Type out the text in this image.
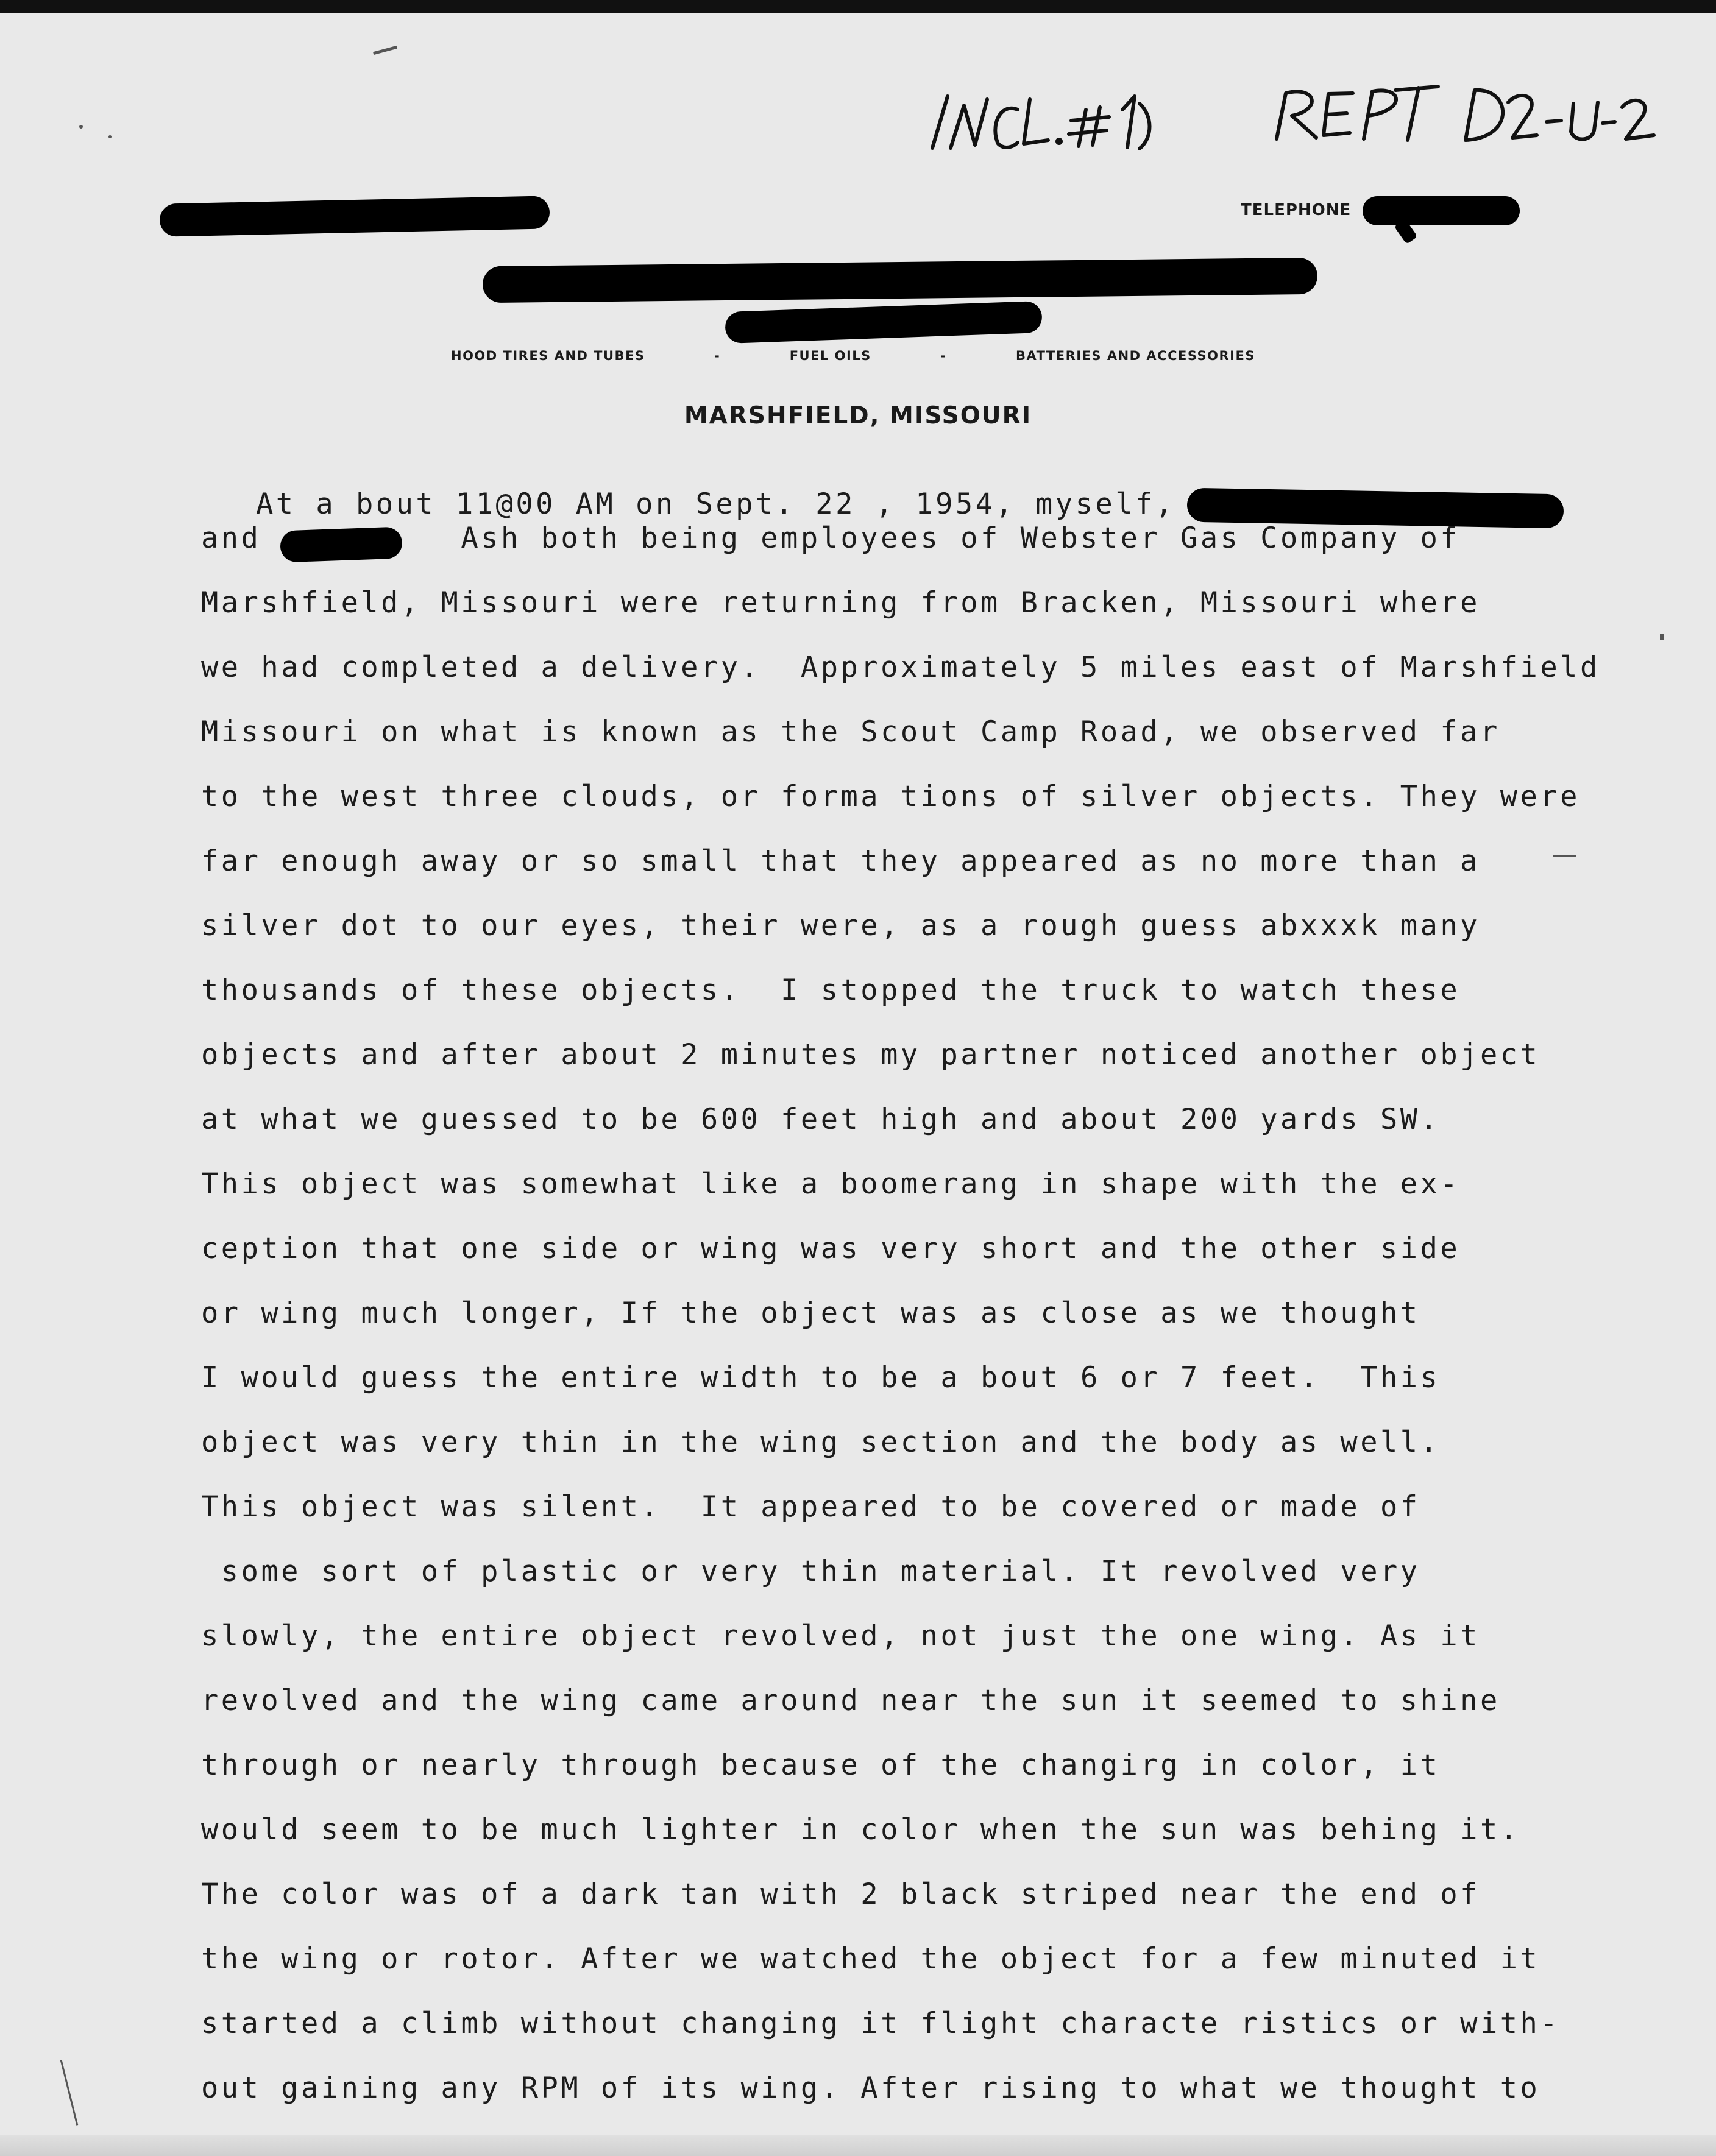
TELEPHONE
HOOD TIRES AND TUBES	-	FUEL OILS	-	BATTERIES AND ACCESSORIES
MARSHFIELD, MISSOURI
At a bout 11@00 AM on Sept. 22 , 1954, myself,
and          Ash both being employees of Webster Gas Company of
Marshfield, Missouri were returning from Bracken, Missouri where
we had completed a delivery.  Approximately 5 miles east of Marshfield
Missouri on what is known as the Scout Camp Road, we observed far
to the west three clouds, or forma tions of silver objects. They were
far enough away or so small that they appeared as no more than a
silver dot to our eyes, their were, as a rough guess abxxxk many
thousands of these objects.  I stopped the truck to watch these
objects and after about 2 minutes my partner noticed another object
at what we guessed to be 600 feet high and about 200 yards SW.
This object was somewhat like a boomerang in shape with the ex-
ception that one side or wing was very short and the other side
or wing much longer, If the object was as close as we thought
I would guess the entire width to be a bout 6 or 7 feet.  This
object was very thin in the wing section and the body as well.
This object was silent.  It appeared to be covered or made of
some sort of plastic or very thin material. It revolved very
slowly, the entire object revolved, not just the one wing. As it
revolved and the wing came around near the sun it seemed to shine
through or nearly through because of the changirg in color, it
would seem to be much lighter in color when the sun was behing it.
The color was of a dark tan with 2 black striped near the end of
the wing or rotor. After we watched the object for a few minuted it
started a climb without changing it flight characte ristics or with-
out gaining any RPM of its wing. After rising to what we thought to
